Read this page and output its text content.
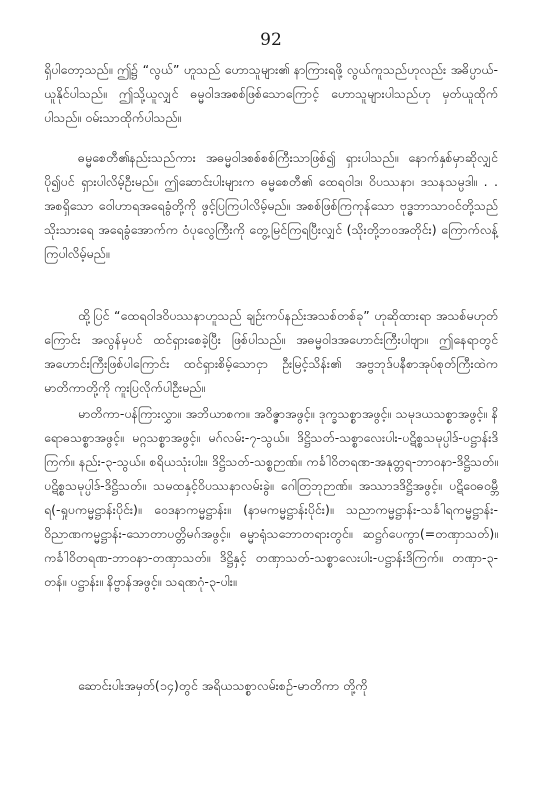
92

ရှိပါတော့သည်။ ဤ၌ “လွယ်” ဟူသည် ဟောသူများ၏ နာကြားရဖို့ လွယ်ကူသည်ဟုလည်း အဓိပ္ပာယ်-ယူနိုင်ပါသည်။ ဤသို့ယူလျှင် ဓမ္မဝါဒအစစ်ဖြစ်သောကြောင့် ဟောသူများပါသည်ဟု မှတ်ယူထိုက်ပါသည်။ ဝမ်းသာထိုက်ပါသည်။

ဓမ္မစေတီ၏နည်းသည်ကား အဓမ္မဝါဒစစ်စစ်ကြီးသာဖြစ်၍ ရှားပါသည်။ နောက်နှစ်မှာဆိုလျှင် ပို၍ပင် ရှားပါလိမ့်ဦးမည်။ ဤဆောင်းပါးများက ဓမ္မစေတီ၏ ထေရဝါဒ၊ ဝိပဿနာ၊ ဒသနသမ္ပဒါ။ . . အစရှိသော ဝေါဟာရအရေခွံတို့ကို ဖွင့်ပြကြပါလိမ့်မည်။ အစစ်ဖြစ်ကြကုန်သော ဗုဒ္ဓဘာသာဝင်တို့သည် သိုးသားရေ အရေခွံအောက်က ဝံပုလွေကြီးကို တွေ့မြင်ကြရပြီးလျှင် (သိုးတို့ဘဝအတိုင်း) ကြောက်လန့်ကြပါလိမ့်မည်။

ထို့ပြင် “ထေရဝါဒဝိပဿနာဟူသည် ချဉ်းကပ်နည်းအသစ်တစ်ခု” ဟုဆိုထားရာ အသစ်မဟုတ်ကြောင်း အလွန်မှပင် ထင်ရှားစေခဲ့ပြီး ဖြစ်ပါသည်။ အဓမ္မဝါဒအဟောင်းကြီးပါဗျာ။ ဤနေရာတွင် အဟောင်းကြီးဖြစ်ပါကြောင်း ထင်ရှားစိမ့်သောငှာ ဦးမြင့်သိန်း၏ အဗ္ဗဘုဒ်ပနီစာအုပ်စုတ်ကြီးထဲက မာတိကာတို့ကို ကူးပြလိုက်ပါဦးမည်။

မာတိကာ-ပန်ကြားလွှာ။ အဘိယာစက။ အဝိဇ္ဇာအဖွင့်။ ဒုက္ခသစ္စာအဖွင့်။ သမုဒယသစ္စာအဖွင့်။ နိရောဓသစ္စာအဖွင့်။ မဂ္ဂသစ္စာအဖွင့်။ မဂ်လမ်း-၇-သွယ်။ ဒိဋ္ဌိသတ်-သစ္စာလေးပါး-ပဋိစ္စသမုပ္ပါဒ်-ပဋ္ဌာန်းဒိကြက်။ နည်း-၃-သွယ်။ စရိယသုံးပါး။ ဒိဋ္ဌိသတ်-သစ္စဉာဏ်။ ကင်္ခါဝိတရဏ-အနုတ္တရ-ဘာဝနာ-ဒိဋ္ဌိသတ်။ ပဋိစ္စသမုပ္ပါဒ်-ဒိဋ္ဌိသတ်။ သမထနှင့်ဝိပဿနာလမ်းခွဲ။ ဂေါတြဘုဉာဏ်။ အဿာဒဒိဋ္ဌိအဖွင့်။ ပဋိဝေဓဝမ္ဘီရ(-ရှုပကမ္မဋ္ဌာန်းပိုင်း)။ ဝေဒနာကမ္မဋ္ဌာန်း။ (နာမကမ္မဋ္ဌာန်းပိုင်း)။ သညာကမ္မဋ္ဌာန်း-သင်္ခါရကမ္မဋ္ဌာန်း-ဝိညာဏကမ္မဋ္ဌာန်း-သောတာပတ္တိမဂ်အဖွင့်။ ဓမ္မာရုံသဘောတရားတွင်။ ဆဋ္ဌဂ်ပေကွာ(=တဏှာသတ်)။ ကင်္ခါဝိတရဏ-ဘာဝနာ-တဏှာသတ်။ ဒိဋ္ဌိနှင့် တဏှာသတ်-သစ္စာလေးပါး-ပဋ္ဌာန်းဒိကြက်။ တဏှာ-၃-တန်။ ပဋ္ဌာန်း။ နိဗ္ဗာန်အဖွင့်။ သရဏဂုံ-၃-ပါး။

ဆောင်းပါးအမှတ်(၁၄)တွင် အရိယသစ္စာလမ်းစဉ်-မာတိကာ တို့ကို
